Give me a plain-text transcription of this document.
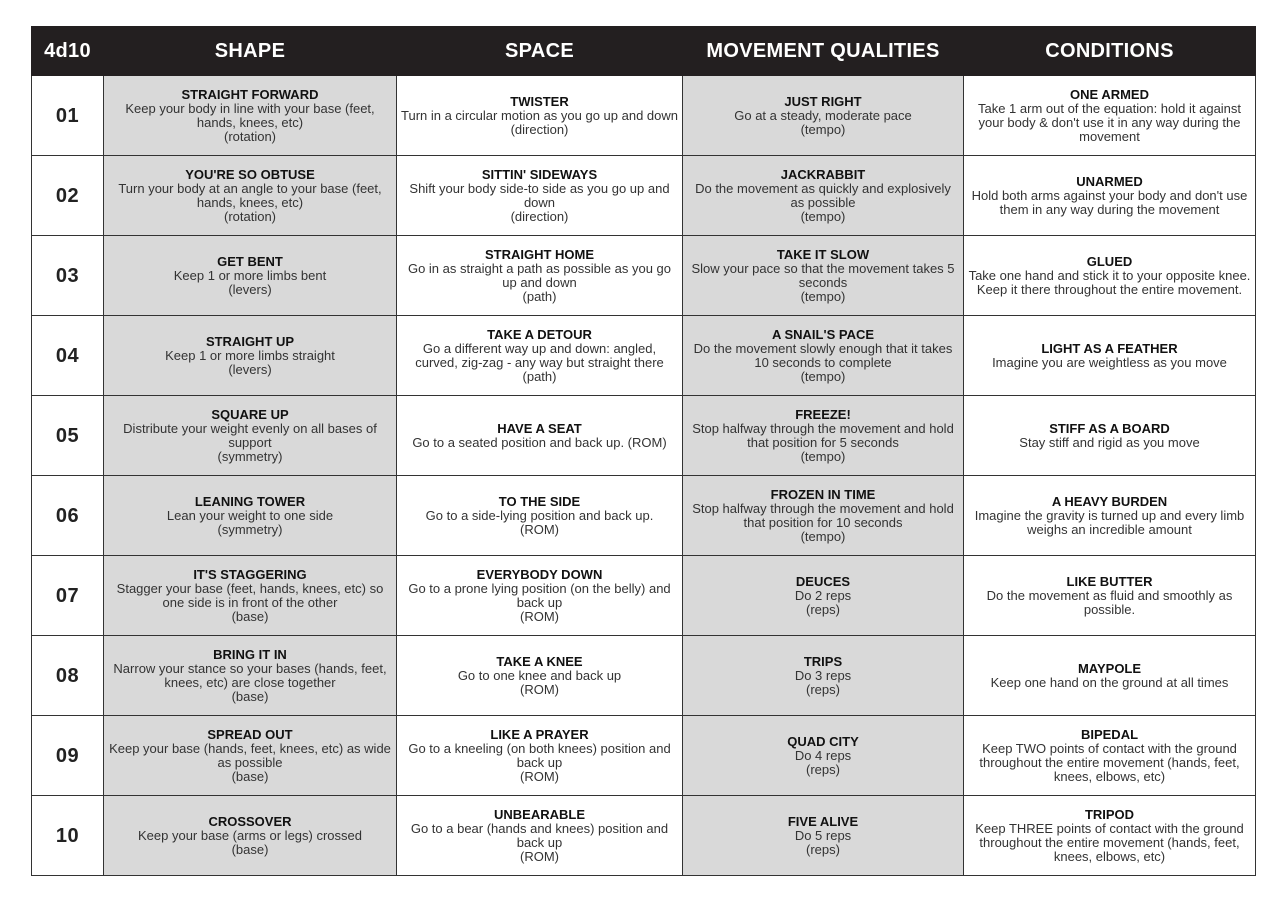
4d10	SHAPE	SPACE	MOVEMENT QUALITIES	CONDITIONS
01	STRAIGHT FORWARD
Keep your body in line with your base (feet, hands, knees, etc)
(rotation)	TWISTER
Turn in a circular motion as you go up and down
(direction)	JUST RIGHT
Go at a steady, moderate pace
(tempo)	ONE ARMED
Take 1 arm out of the equation: hold it against your body & don't use it in any way during the movement

02	YOU'RE SO OBTUSE
Turn your body at an angle to your base (feet, hands, knees, etc)
(rotation)	SITTIN' SIDEWAYS
Shift your body side-to side as you go up and down
(direction)	JACKRABBIT
Do the movement as quickly and explosively as possible
(tempo)	UNARMED
Hold both arms against your body and don't use them in any way during the movement

03	GET BENT
Keep 1 or more limbs bent
(levers)	STRAIGHT HOME
Go in as straight a path as possible as you go up and down
(path)	TAKE IT SLOW
Slow your pace so that the movement takes 5 seconds
(tempo)	GLUED
Take one hand and stick it to your opposite knee. Keep it there throughout the entire movement.

04	STRAIGHT UP
Keep 1 or more limbs straight
(levers)	TAKE A DETOUR
Go a different way up and down: angled, curved, zig-zag - any way but straight there
(path)	A SNAIL'S PACE
Do the movement slowly enough that it takes 10 seconds to complete
(tempo)	LIGHT AS A FEATHER
Imagine you are weightless as you move

05	SQUARE UP
Distribute your weight evenly on all bases of support
(symmetry)	HAVE A SEAT
Go to a seated position and back up. (ROM)	FREEZE!
Stop halfway through the movement and hold that position for 5 seconds
(tempo)	STIFF AS A BOARD
Stay stiff and rigid as you move

06	LEANING TOWER
Lean your weight to one side
(symmetry)	TO THE SIDE
Go to a side-lying position and back up.
(ROM)	FROZEN IN TIME
Stop halfway through the movement and hold that position for 10 seconds
(tempo)	A HEAVY BURDEN
Imagine the gravity is turned up and every limb weighs an incredible amount

07	IT'S STAGGERING
Stagger your base (feet, hands, knees, etc) so one side is in front of the other
(base)	EVERYBODY DOWN
Go to a prone lying position (on the belly) and back up
(ROM)	DEUCES
Do 2 reps
(reps)	LIKE BUTTER
Do the movement as fluid and smoothly as possible.

08	BRING IT IN
Narrow your stance so your bases (hands, feet, knees, etc) are close together
(base)	TAKE A KNEE
Go to one knee and back up
(ROM)	TRIPS
Do 3 reps
(reps)	MAYPOLE
Keep one hand on the ground at all times

09	SPREAD OUT
Keep your base (hands, feet, knees, etc) as wide as possible
(base)	LIKE A PRAYER
Go to a kneeling (on both knees) position and back up
(ROM)	QUAD CITY
Do 4 reps
(reps)	BIPEDAL
Keep TWO points of contact with the ground throughout the entire movement (hands, feet, knees, elbows, etc)

10	CROSSOVER
Keep your base (arms or legs) crossed
(base)	UNBEARABLE
Go to a bear (hands and knees) position and back up
(ROM)	FIVE ALIVE
Do 5 reps
(reps)	TRIPOD
Keep THREE points of contact with the ground throughout the entire movement (hands, feet, knees, elbows, etc)
